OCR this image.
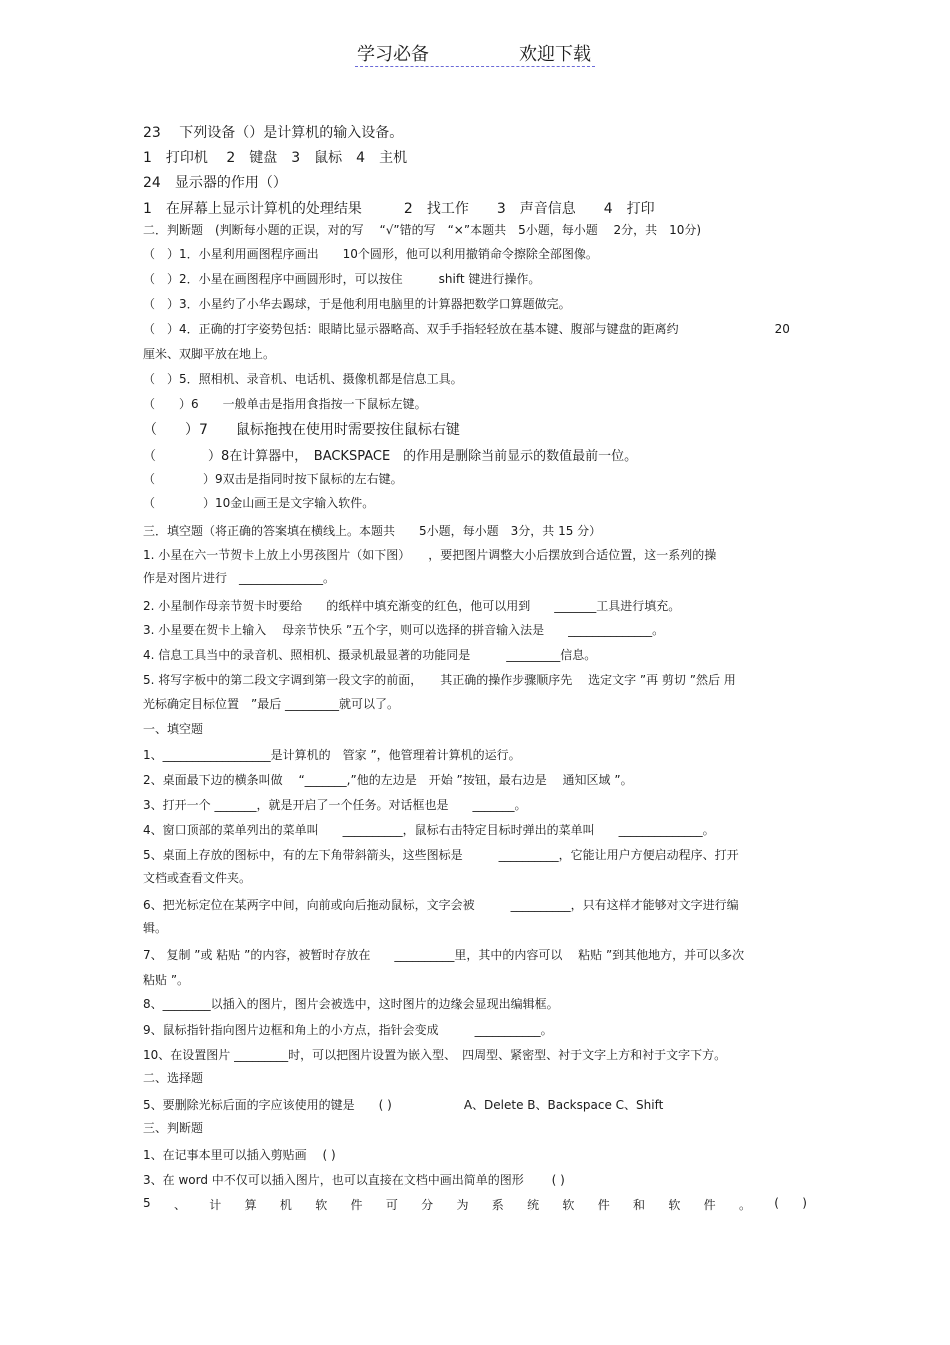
学习必备	欢迎下载
23　 下列设备（）是计算机的输入设备。
1　打印机　 2　键盘　3　鼠标　4　主机
24　显示器的作用（）
1　在屏幕上显示计算机的处理结果　　　2　找工作　　3　声音信息　　4　打印
二．判断题　(判断每小题的正误，对的写　 “√”错的写　“×”本题共　5小题，每小题　 2分，共　10分)
（　）1．小星利用画图程序画出　　10个圆形，他可以利用撤销命令擦除全部图像。
（　）2．小星在画图程序中画圆形时，可以按住　　　shift 键进行操作。
（　）3．小星约了小华去踢球，于是他利用电脑里的计算器把数学口算题做完。
（　）4．正确的打字姿势包括：眼睛比显示器略高、双手手指轻轻放在基本键、腹部与键盘的距离约　　　　　　　　20
厘米、双脚平放在地上。
（　）5．照相机、录音机、电话机、摄像机都是信息工具。
（　　）6　　一般单击是指用食指按一下鼠标左键。
（　　）7　　鼠标拖拽在使用时需要按住鼠标右键
（　　　　）8在计算器中，　BACKSPACE　的作用是删除当前显示的数值最前一位。
（　　　　）9双击是指同时按下鼠标的左右键。
（　　　　）10金山画王是文字输入软件。
三．填空题（将正确的答案填在横线上。本题共　　5小题，每小题　3分，共 15 分）
1. 小星在六一节贺卡上放上小男孩图片（如下图）　　，要把图片调整大小后摆放到合适位置，这一系列的操
作是对图片进行　______________。
2. 小星制作母亲节贺卡时要给　　的纸样中填充渐变的红色，他可以用到　　_______工具进行填充。
3. 小星要在贺卡上输入　 母亲节快乐 ”五个字，则可以选择的拼音输入法是　　______________。
4. 信息工具当中的录音机、照相机、摄录机最显著的功能同是　　　_________信息。
5. 将写字板中的第二段文字调到第一段文字的前面，　　其正确的操作步骤顺序先　 选定文字 ”再 剪切 ”然后 用
光标确定目标位置　”最后 _________就可以了。
一、填空题
1、__________________是计算机的　管家 ”，他管理着计算机的运行。
2、桌面最下边的横条叫做　 “_______,”他的左边是　开始 ”按钮，最右边是　 通知区域 ”。
3、打开一个 _______，就是开启了一个任务。对话框也是　　_______。
4、窗口顶部的菜单列出的菜单叫　　__________，鼠标右击特定目标时弹出的菜单叫　　______________。
5、桌面上存放的图标中，有的左下角带斜箭头，这些图标是　　　__________，它能让用户方便启动程序、打开
文档或查看文件夹。
6、把光标定位在某两字中间，向前或向后拖动鼠标，文字会被　　　__________，只有这样才能够对文字进行编
辑。
7、 复制 ”或 粘贴 ”的内容，被暂时存放在　　__________里，其中的内容可以　 粘贴 ”到其他地方，并可以多次
粘贴 ”。
8、________以插入的图片，图片会被选中，这时图片的边缘会显现出编辑框。
9、鼠标指针指向图片边框和角上的小方点，指针会变成　　　___________。
10、在设置图片 _________时，可以把图片设置为嵌入型、　四周型、紧密型、衬于文字上方和衬于文字下方。
二、选择题
5、要删除光标后面的字应该使用的键是　　( )　　　　　　A、Delete B、Backspace C、Shift
三、判断题
1、在记事本里可以插入剪贴画　 ( )
3、在 word 中不仅可以插入图片，也可以直接在文档中画出简单的图形　　 ( )
5 、 计 算 机 软 件 可 分 为 系 统 软 件 和 软 件 。 ( )
